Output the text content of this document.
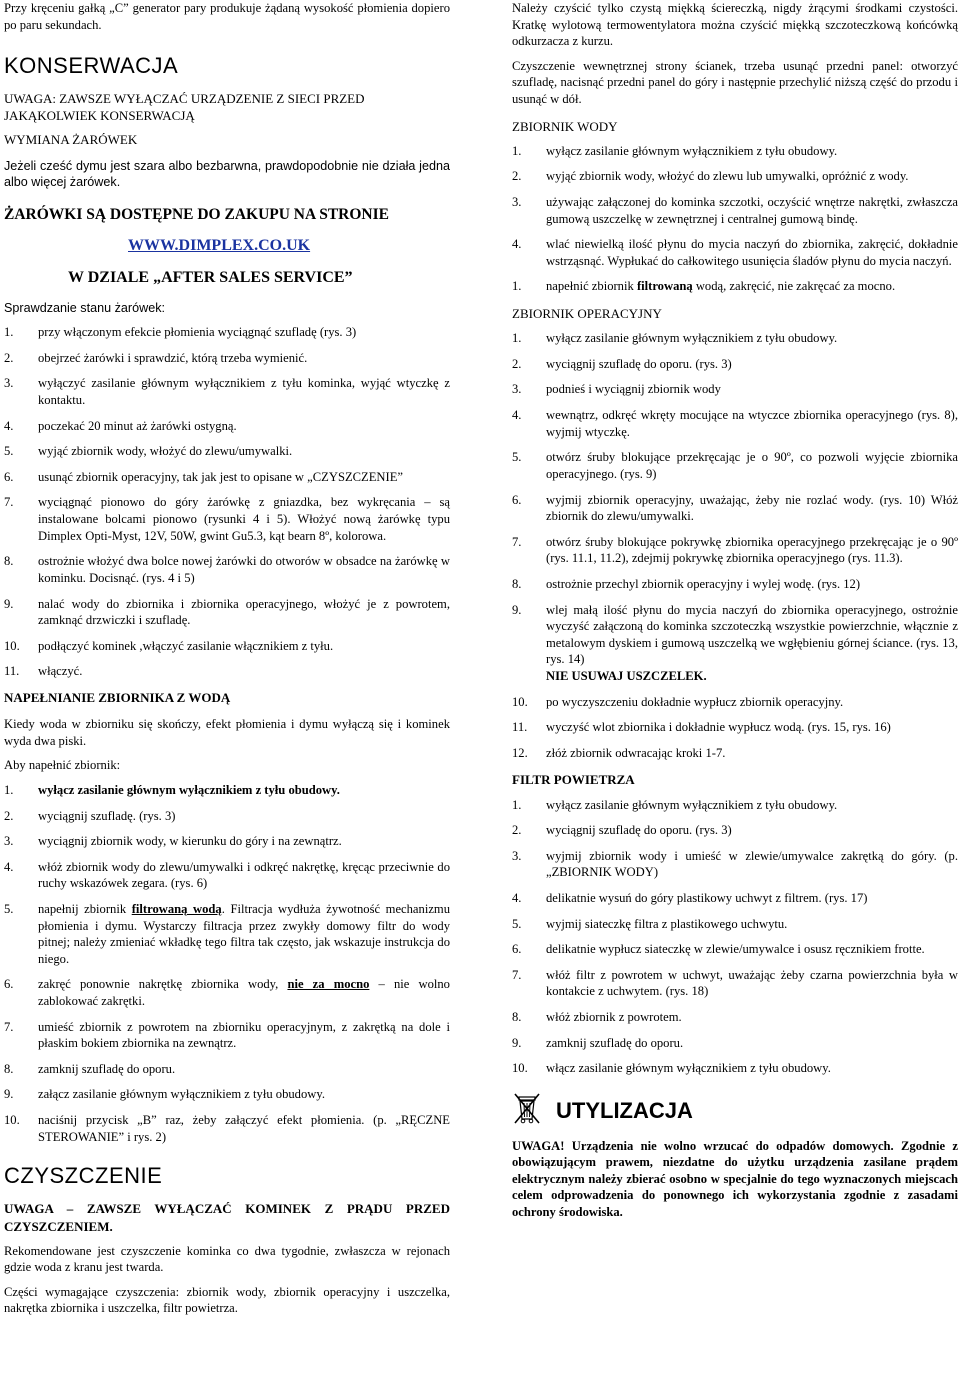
Przy kręceniu gałką „C” generator pary produkuje żądaną wysokość płomienia dopiero po paru sekundach.

KONSERWACJA
UWAGA: ZAWSZE WYŁĄCZAĆ URZĄDZENIE Z SIECI PRZED JAKĄKOLWIEK KONSERWACJĄ
WYMIANA ŻARÓWEK

Jeżeli cześć dymu jest szara albo bezbarwna, prawdopodobnie nie działa jedna albo więcej żarówek.

ŻARÓWKI SĄ DOSTĘPNE DO ZAKUPU NA STRONIE
WWW.DIMPLEX.CO.UK
W DZIALE „AFTER SALES SERVICE”

Sprawdzanie stanu żarówek:

1.	przy włączonym efekcie płomienia wyciągnąć szufladę (rys. 3)
2.	obejrzeć żarówki i sprawdzić, którą trzeba wymienić.
3.	wyłączyć zasilanie głównym wyłącznikiem z tyłu kominka, wyjąć wtyczkę z kontaktu.
4.	poczekać 20 minut aż żarówki ostygną.
5.	wyjąć zbiornik wody, włożyć do zlewu/umywalki.
6.	usunąć zbiornik operacyjny, tak jak jest to opisane w „CZYSZCZENIE”
7.	wyciągnąć pionowo do góry żarówkę z gniazdka, bez wykręcania – są instalowane bolcami pionowo (rysunki 4 i 5). Włożyć nową żarówkę typu Dimplex Opti-Myst, 12V, 50W, gwint Gu5.3, kąt bearn 8º, kolorowa.
8.	ostrożnie włożyć dwa bolce nowej żarówki do otworów w obsadce na żarówkę w kominku. Docisnąć. (rys. 4 i 5)
9.	nalać wody do zbiornika i zbiornika operacyjnego, włożyć je z powrotem, zamknąć drzwiczki i szufladę.
10.	podłączyć kominek ,włączyć zasilanie włącznikiem z tyłu.
11.	włączyć.
NAPEŁNIANIE ZBIORNIKA Z WODĄ

Kiedy woda w zbiorniku się skończy, efekt płomienia i dymu wyłączą się i kominek wyda dwa piski.

Aby napełnić zbiornik:

1.	wyłącz zasilanie głównym wyłącznikiem z tyłu obudowy.
2.	wyciągnij szufladę. (rys. 3)
3.	wyciągnij zbiornik wody, w kierunku do góry i na zewnątrz.
4.	włóż zbiornik wody do zlewu/umywalki i odkręć nakrętkę, kręcąc przeciwnie do ruchy wskazówek zegara. (rys. 6)
5.	napełnij zbiornik filtrowaną wodą. Filtracja wydłuża żywotność mechanizmu płomienia i dymu. Wystarczy filtracja przez zwykły domowy filtr do wody pitnej; należy zmieniać wkładkę tego filtra tak często, jak wskazuje instrukcja do niego.
6.	zakręć ponownie nakrętkę zbiornika wody, nie za mocno – nie wolno zablokować zakrętki.
7.	umieść zbiornik z powrotem na zbiorniku operacyjnym, z zakrętką na dole i płaskim bokiem zbiornika na zewnątrz.
8.	zamknij szufladę do oporu.
9.	załącz zasilanie głównym wyłącznikiem z tyłu obudowy.
10.	naciśnij przycisk „B” raz, żeby załączyć efekt płomienia. (p. „RĘCZNE STEROWANIE” i rys. 2)
CZYSZCZENIE

UWAGA – ZAWSZE WYŁĄCZAĆ KOMINEK Z PRĄDU PRZED CZYSZCZENIEM.

Rekomendowane jest czyszczenie kominka co dwa tygodnie, zwłaszcza w rejonach gdzie woda z kranu jest twarda.

Części wymagające czyszczenia: zbiornik wody, zbiornik operacyjny i uszczelka, nakrętka zbiornika i uszczelka, filtr powietrza.

Należy czyścić tylko czystą miękką ściereczką, nigdy żrącymi środkami czystości. Kratkę wylotową termowentylatora można czyścić miękką szczoteczkową końcówką odkurzacza z kurzu.

Czyszczenie wewnętrznej strony ścianek, trzeba usunąć przedni panel: otworzyć szufladę, nacisnąć przedni panel do góry i następnie przechylić niższą część do przodu i usunąć w dół.

ZBIORNIK WODY
1.	wyłącz zasilanie głównym wyłącznikiem z tyłu obudowy.
2.	wyjąć zbiornik wody, włożyć do zlewu lub umywalki, opróżnić z wody.
3.	używając załączonej do kominka szczotki, oczyścić wnętrze nakrętki, zwłaszcza gumową uszczelkę w zewnętrznej i centralnej gumową bindę.
4.	wlać niewielką ilość płynu do mycia naczyń do zbiornika, zakręcić, dokładnie wstrząsnąć. Wypłukać do całkowitego usunięcia śladów płynu do mycia naczyń.
1.	napełnić zbiornik filtrowaną wodą, zakręcić, nie zakręcać za mocno.
ZBIORNIK OPERACYJNY
1.	wyłącz zasilanie głównym wyłącznikiem z tyłu obudowy.
2.	wyciągnij szufladę do oporu. (rys. 3)
3.	podnieś i wyciągnij zbiornik wody
4.	wewnątrz, odkręć wkręty mocujące na wtyczce zbiornika operacyjnego (rys. 8), wyjmij wtyczkę.
5.	otwórz śruby blokujące przekręcając je o 90º, co pozwoli wyjęcie zbiornika operacyjnego. (rys. 9)
6.	wyjmij zbiornik operacyjny, uważając, żeby nie rozlać wody. (rys. 10) Włóż zbiornik do zlewu/umywalki.
7.	otwórz śruby blokujące pokrywkę zbiornika operacyjnego przekręcając je o 90º (rys. 11.1, 11.2), zdejmij pokrywkę zbiornika operacyjnego (rys. 11.3).
8.	ostrożnie przechyl zbiornik operacyjny i wylej wodę. (rys. 12)
9.	wlej małą ilość płynu do mycia naczyń do zbiornika operacyjnego, ostrożnie wyczyść załączoną do kominka szczoteczką wszystkie powierzchnie, włącznie z metalowym dyskiem i gumową uszczelką we wgłębieniu górnej ściance. (rys. 13, rys. 14)
NIE USUWAJ USZCZELEK.
10.	po wyczyszczeniu dokładnie wypłucz zbiornik operacyjny.
11.	wyczyść wlot zbiornika i dokładnie wypłucz wodą. (rys. 15, rys. 16)
12.	złóż zbiornik odwracając kroki 1-7.
FILTR POWIETRZA
1.	wyłącz zasilanie głównym wyłącznikiem z tyłu obudowy.
2.	wyciągnij szufladę do oporu. (rys. 3)
3.	wyjmij zbiornik wody i umieść w zlewie/umywalce zakrętką do góry. (p. „ZBIORNIK WODY)
4.	delikatnie wysuń do góry plastikowy uchwyt z filtrem. (rys. 17)
5.	wyjmij siateczkę filtra z plastikowego uchwytu.
6.	delikatnie wypłucz siateczkę w zlewie/umywalce i osusz ręcznikiem frotte.
7.	włóż filtr z powrotem w uchwyt, uważając żeby czarna powierzchnia była w kontakcie z uchwytem. (rys. 18)
8.	włóż zbiornik z powrotem.
9.	zamknij szufladę do oporu.
10.	włącz zasilanie głównym wyłącznikiem z tyłu obudowy.
UTYLIZACJA

UWAGA! Urządzenia nie wolno wrzucać do odpadów domowych. Zgodnie z obowiązującym prawem, niezdatne do użytku urządzenia zasilane prądem elektrycznym należy zbierać osobno w specjalnie do tego wyznaczonych miejscach celem odprowadzenia do ponownego ich wykorzystania zgodnie z zasadami ochrony środowiska.
